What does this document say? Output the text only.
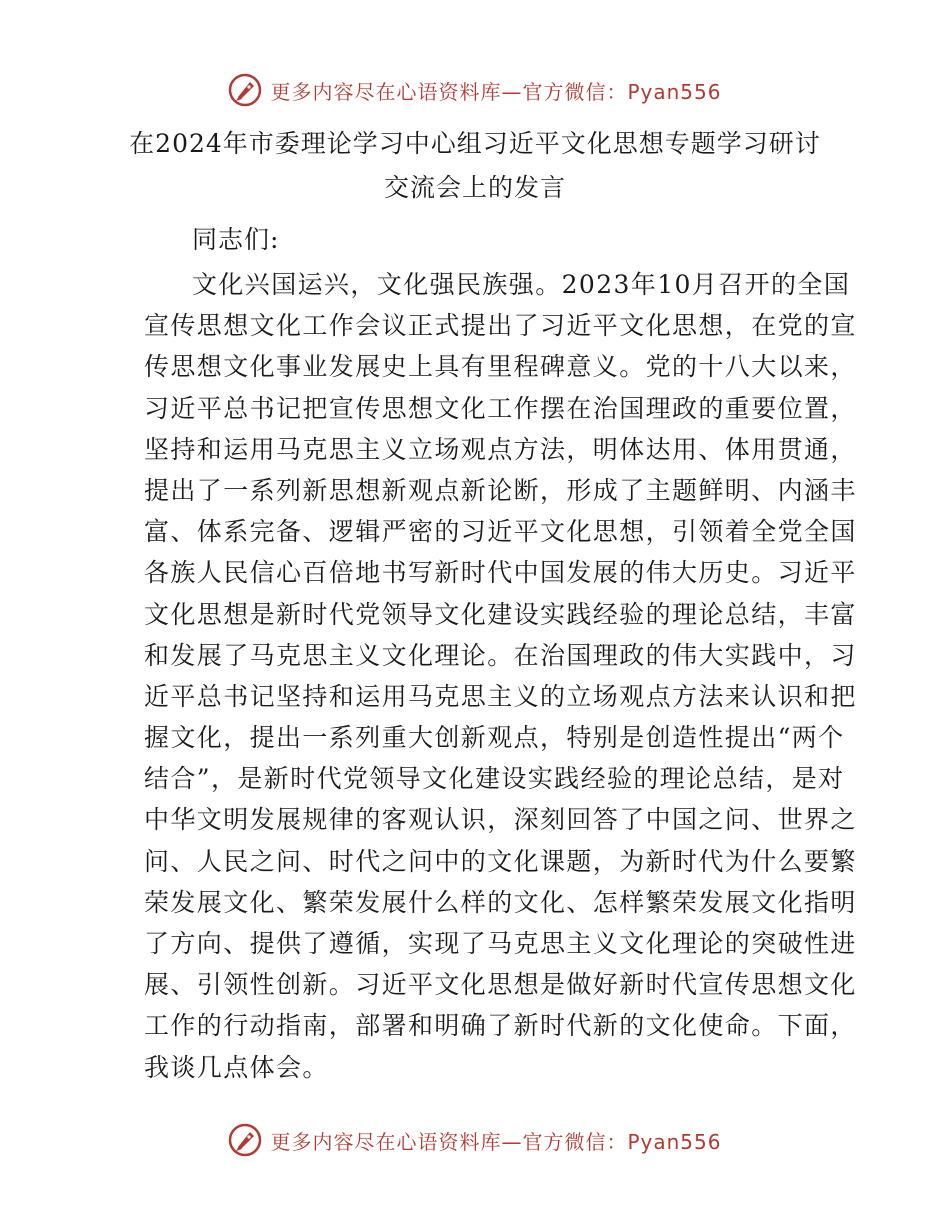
更多内容尽在心语资料库—官方微信：Pyan556
在2024年市委理论学习中心组习近平文化思想专题学习研讨
交流会上的发言
同志们:
文化兴国运兴，文化强民族强。2023年10月召开的全国
宣传思想文化工作会议正式提出了习近平文化思想，在党的宣
传思想文化事业发展史上具有里程碑意义。党的十八大以来，
习近平总书记把宣传思想文化工作摆在治国理政的重要位置，
坚持和运用马克思主义立场观点方法，明体达用、体用贯通，
提出了一系列新思想新观点新论断，形成了主题鲜明、内涵丰
富、体系完备、逻辑严密的习近平文化思想，引领着全党全国
各族人民信心百倍地书写新时代中国发展的伟大历史。习近平
文化思想是新时代党领导文化建设实践经验的理论总结，丰富
和发展了马克思主义文化理论。在治国理政的伟大实践中，习
近平总书记坚持和运用马克思主义的立场观点方法来认识和把
握文化，提出一系列重大创新观点，特别是创造性提出“两个
结合”，是新时代党领导文化建设实践经验的理论总结，是对
中华文明发展规律的客观认识，深刻回答了中国之问、世界之
问、人民之问、时代之问中的文化课题，为新时代为什么要繁
荣发展文化、繁荣发展什么样的文化、怎样繁荣发展文化指明
了方向、提供了遵循，实现了马克思主义文化理论的突破性进
展、引领性创新。习近平文化思想是做好新时代宣传思想文化
工作的行动指南，部署和明确了新时代新的文化使命。下面，
我谈几点体会。
更多内容尽在心语资料库—官方微信：Pyan556
